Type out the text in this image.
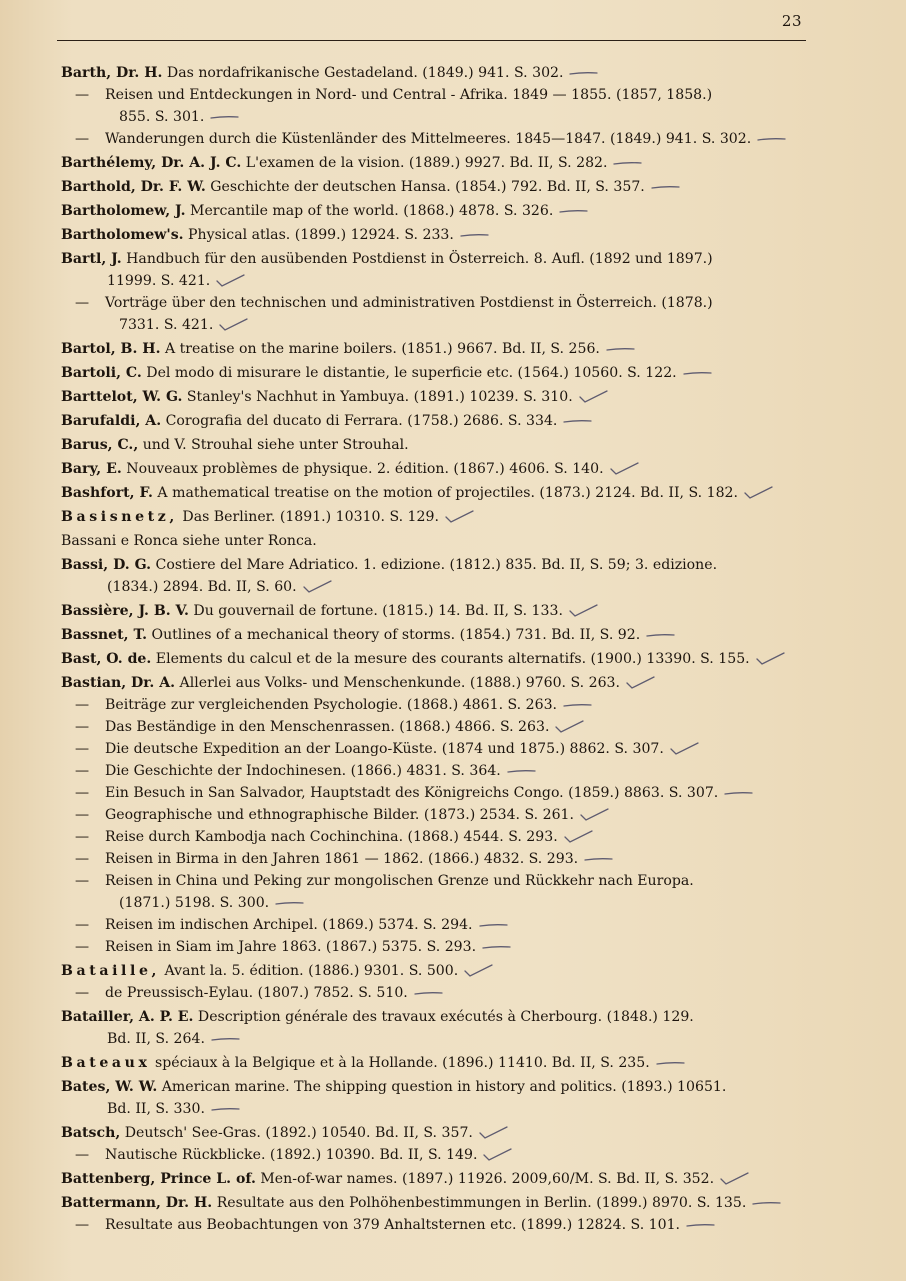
23
Barth, Dr. H. Das nordafrikanische Gestadeland. (1849.) 941. S. 302.
— Reisen und Entdeckungen in Nord- und Central - Afrika. 1849 — 1855. (1857, 1858.)
855. S. 301.
— Wanderungen durch die Küstenländer des Mittelmeeres. 1845—1847. (1849.) 941. S. 302.
Barthélemy, Dr. A. J. C. L'examen de la vision. (1889.) 9927. Bd. II, S. 282.
Barthold, Dr. F. W. Geschichte der deutschen Hansa. (1854.) 792. Bd. II, S. 357.
Bartholomew, J. Mercantile map of the world. (1868.) 4878. S. 326.
Bartholomew's. Physical atlas. (1899.) 12924. S. 233.
Bartl, J. Handbuch für den ausübenden Postdienst in Österreich. 8. Aufl. (1892 und 1897.)
11999. S. 421.
— Vorträge über den technischen und administrativen Postdienst in Österreich. (1878.)
7331. S. 421.
Bartol, B. H. A treatise on the marine boilers. (1851.) 9667. Bd. II, S. 256.
Bartoli, C. Del modo di misurare le distantie, le superficie etc. (1564.) 10560. S. 122.
Barttelot, W. G. Stanley's Nachhut in Yambuya. (1891.) 10239. S. 310.
Barufaldi, A. Corografia del ducato di Ferrara. (1758.) 2686. S. 334.
Barus, C., und V. Strouhal siehe unter Strouhal.
Bary, E. Nouveaux problèmes de physique. 2. édition. (1867.) 4606. S. 140.
Bashfort, F. A mathematical treatise on the motion of projectiles. (1873.) 2124. Bd. II, S. 182.
Basisnetz, Das Berliner. (1891.) 10310. S. 129.
Bassani e Ronca siehe unter Ronca.
Bassi, D. G. Costiere del Mare Adriatico. 1. edizione. (1812.) 835. Bd. II, S. 59; 3. edizione.
(1834.) 2894. Bd. II, S. 60.
Bassière, J. B. V. Du gouvernail de fortune. (1815.) 14. Bd. II, S. 133.
Bassnet, T. Outlines of a mechanical theory of storms. (1854.) 731. Bd. II, S. 92.
Bast, O. de. Elements du calcul et de la mesure des courants alternatifs. (1900.) 13390. S. 155.
Bastian, Dr. A. Allerlei aus Volks- und Menschenkunde. (1888.) 9760. S. 263.
— Beiträge zur vergleichenden Psychologie. (1868.) 4861. S. 263.
— Das Beständige in den Menschenrassen. (1868.) 4866. S. 263.
— Die deutsche Expedition an der Loango-Küste. (1874 und 1875.) 8862. S. 307.
— Die Geschichte der Indochinesen. (1866.) 4831. S. 364.
— Ein Besuch in San Salvador, Hauptstadt des Königreichs Congo. (1859.) 8863. S. 307.
— Geographische und ethnographische Bilder. (1873.) 2534. S. 261.
— Reise durch Kambodja nach Cochinchina. (1868.) 4544. S. 293.
— Reisen in Birma in den Jahren 1861 — 1862. (1866.) 4832. S. 293.
— Reisen in China und Peking zur mongolischen Grenze und Rückkehr nach Europa.
(1871.) 5198. S. 300.
— Reisen im indischen Archipel. (1869.) 5374. S. 294.
— Reisen in Siam im Jahre 1863. (1867.) 5375. S. 293.
Bataille, Avant la. 5. édition. (1886.) 9301. S. 500.
— de Preussisch-Eylau. (1807.) 7852. S. 510.
Batailler, A. P. E. Description générale des travaux exécutés à Cherbourg. (1848.) 129.
Bd. II, S. 264.
Bateaux spéciaux à la Belgique et à la Hollande. (1896.) 11410. Bd. II, S. 235.
Bates, W. W. American marine. The shipping question in history and politics. (1893.) 10651.
Bd. II, S. 330.
Batsch, Deutsch' See-Gras. (1892.) 10540. Bd. II, S. 357.
— Nautische Rückblicke. (1892.) 10390. Bd. II, S. 149.
Battenberg, Prince L. of. Men-of-war names. (1897.) 11926. 2009,60/M. S. Bd. II, S. 352.
Battermann, Dr. H. Resultate aus den Polhöhenbestimmungen in Berlin. (1899.) 8970. S. 135.
— Resultate aus Beobachtungen von 379 Anhaltsternen etc. (1899.) 12824. S. 101.
